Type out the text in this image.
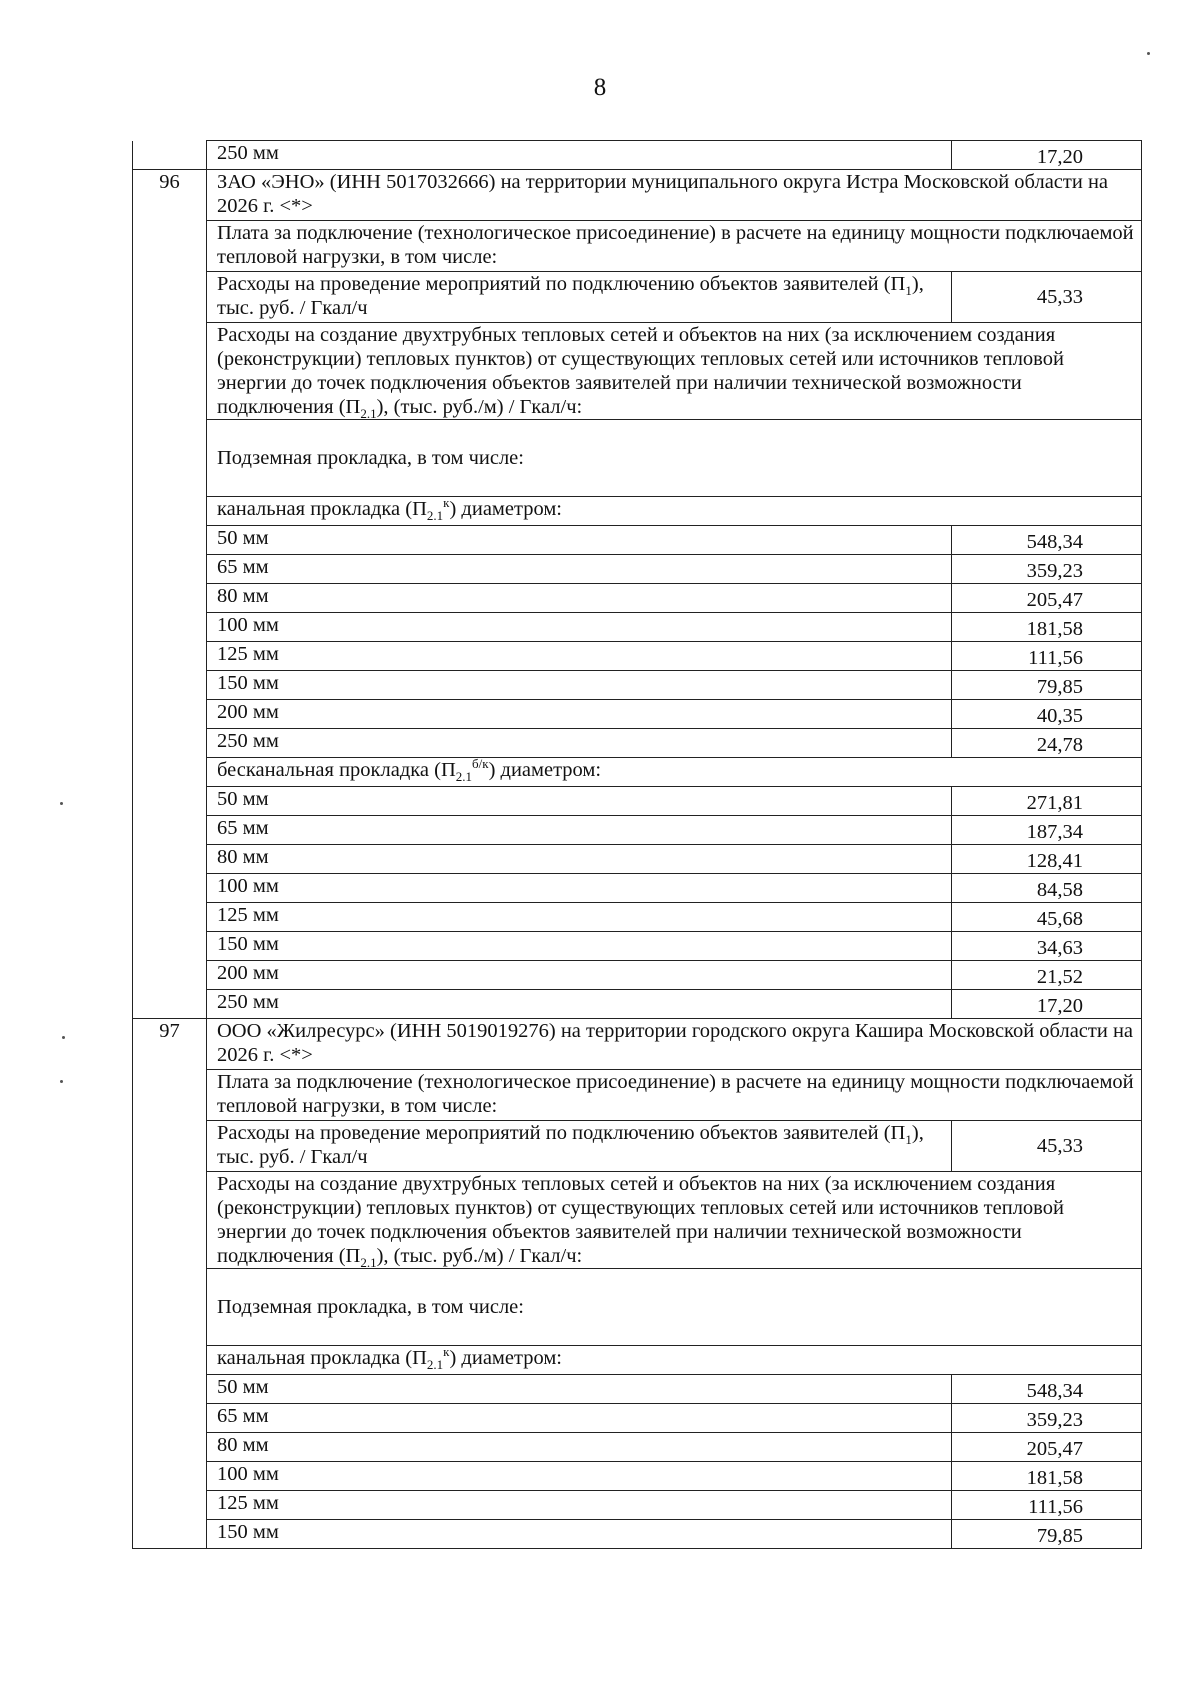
8
	250 мм	17,20
96	ЗАО «ЭНО» (ИНН 5017032666) на территории муниципального округа Истра Московской области на 2026 г. <*>	
	Плата за подключение (технологическое присоединение) в расчете на единицу мощности подключаемой тепловой нагрузки, в том числе:	
	Расходы на проведение мероприятий по подключению объектов заявителей $(П_1)$, тыс. руб. / Гкал/ч	45,33
	Расходы на создание двухтрубных тепловых сетей и объектов на них (за исключением создания (реконструкции) тепловых пунктов) от существующих тепловых сетей или источников тепловой энергии до точек подключения объектов заявителей при наличии технической возможности подключения $(П_{2.1})$, (тыс. руб./м) / Гкал/ч:	
	Подземная прокладка, в том числе:	
	канальная прокладка $(П_{2.1}^к)$ диаметром:	
	50 мм	548,34
	65 мм	359,23
	80 мм	205,47
	100 мм	181,58
	125 мм	111,56
	150 мм	79,85
	200 мм	40,35
	250 мм	24,78
	бесканальная прокладка $(П_{2.1}^{б/к})$ диаметром:	
	50 мм	271,81
	65 мм	187,34
	80 мм	128,41
	100 мм	84,58
	125 мм	45,68
	150 мм	34,63
	200 мм	21,52
	250 мм	17,20
97	ООО «Жилресурс» (ИНН 5019019276) на территории городского округа Кашира Московской области на 2026 г. <*>	
	Плата за подключение (технологическое присоединение) в расчете на единицу мощности подключаемой тепловой нагрузки, в том числе:	
	Расходы на проведение мероприятий по подключению объектов заявителей $(П_1)$, тыс. руб. / Гкал/ч	45,33
	Расходы на создание двухтрубных тепловых сетей и объектов на них (за исключением создания (реконструкции) тепловых пунктов) от существующих тепловых сетей или источников тепловой энергии до точек подключения объектов заявителей при наличии технической возможности подключения $(П_{2.1})$, (тыс. руб./м) / Гкал/ч:	
	Подземная прокладка, в том числе:	
	канальная прокладка $(П_{2.1}^к)$ диаметром:	
	50 мм	548,34
	65 мм	359,23
	80 мм	205,47
	100 мм	181,58
	125 мм	111,56
	150 мм	79,85
